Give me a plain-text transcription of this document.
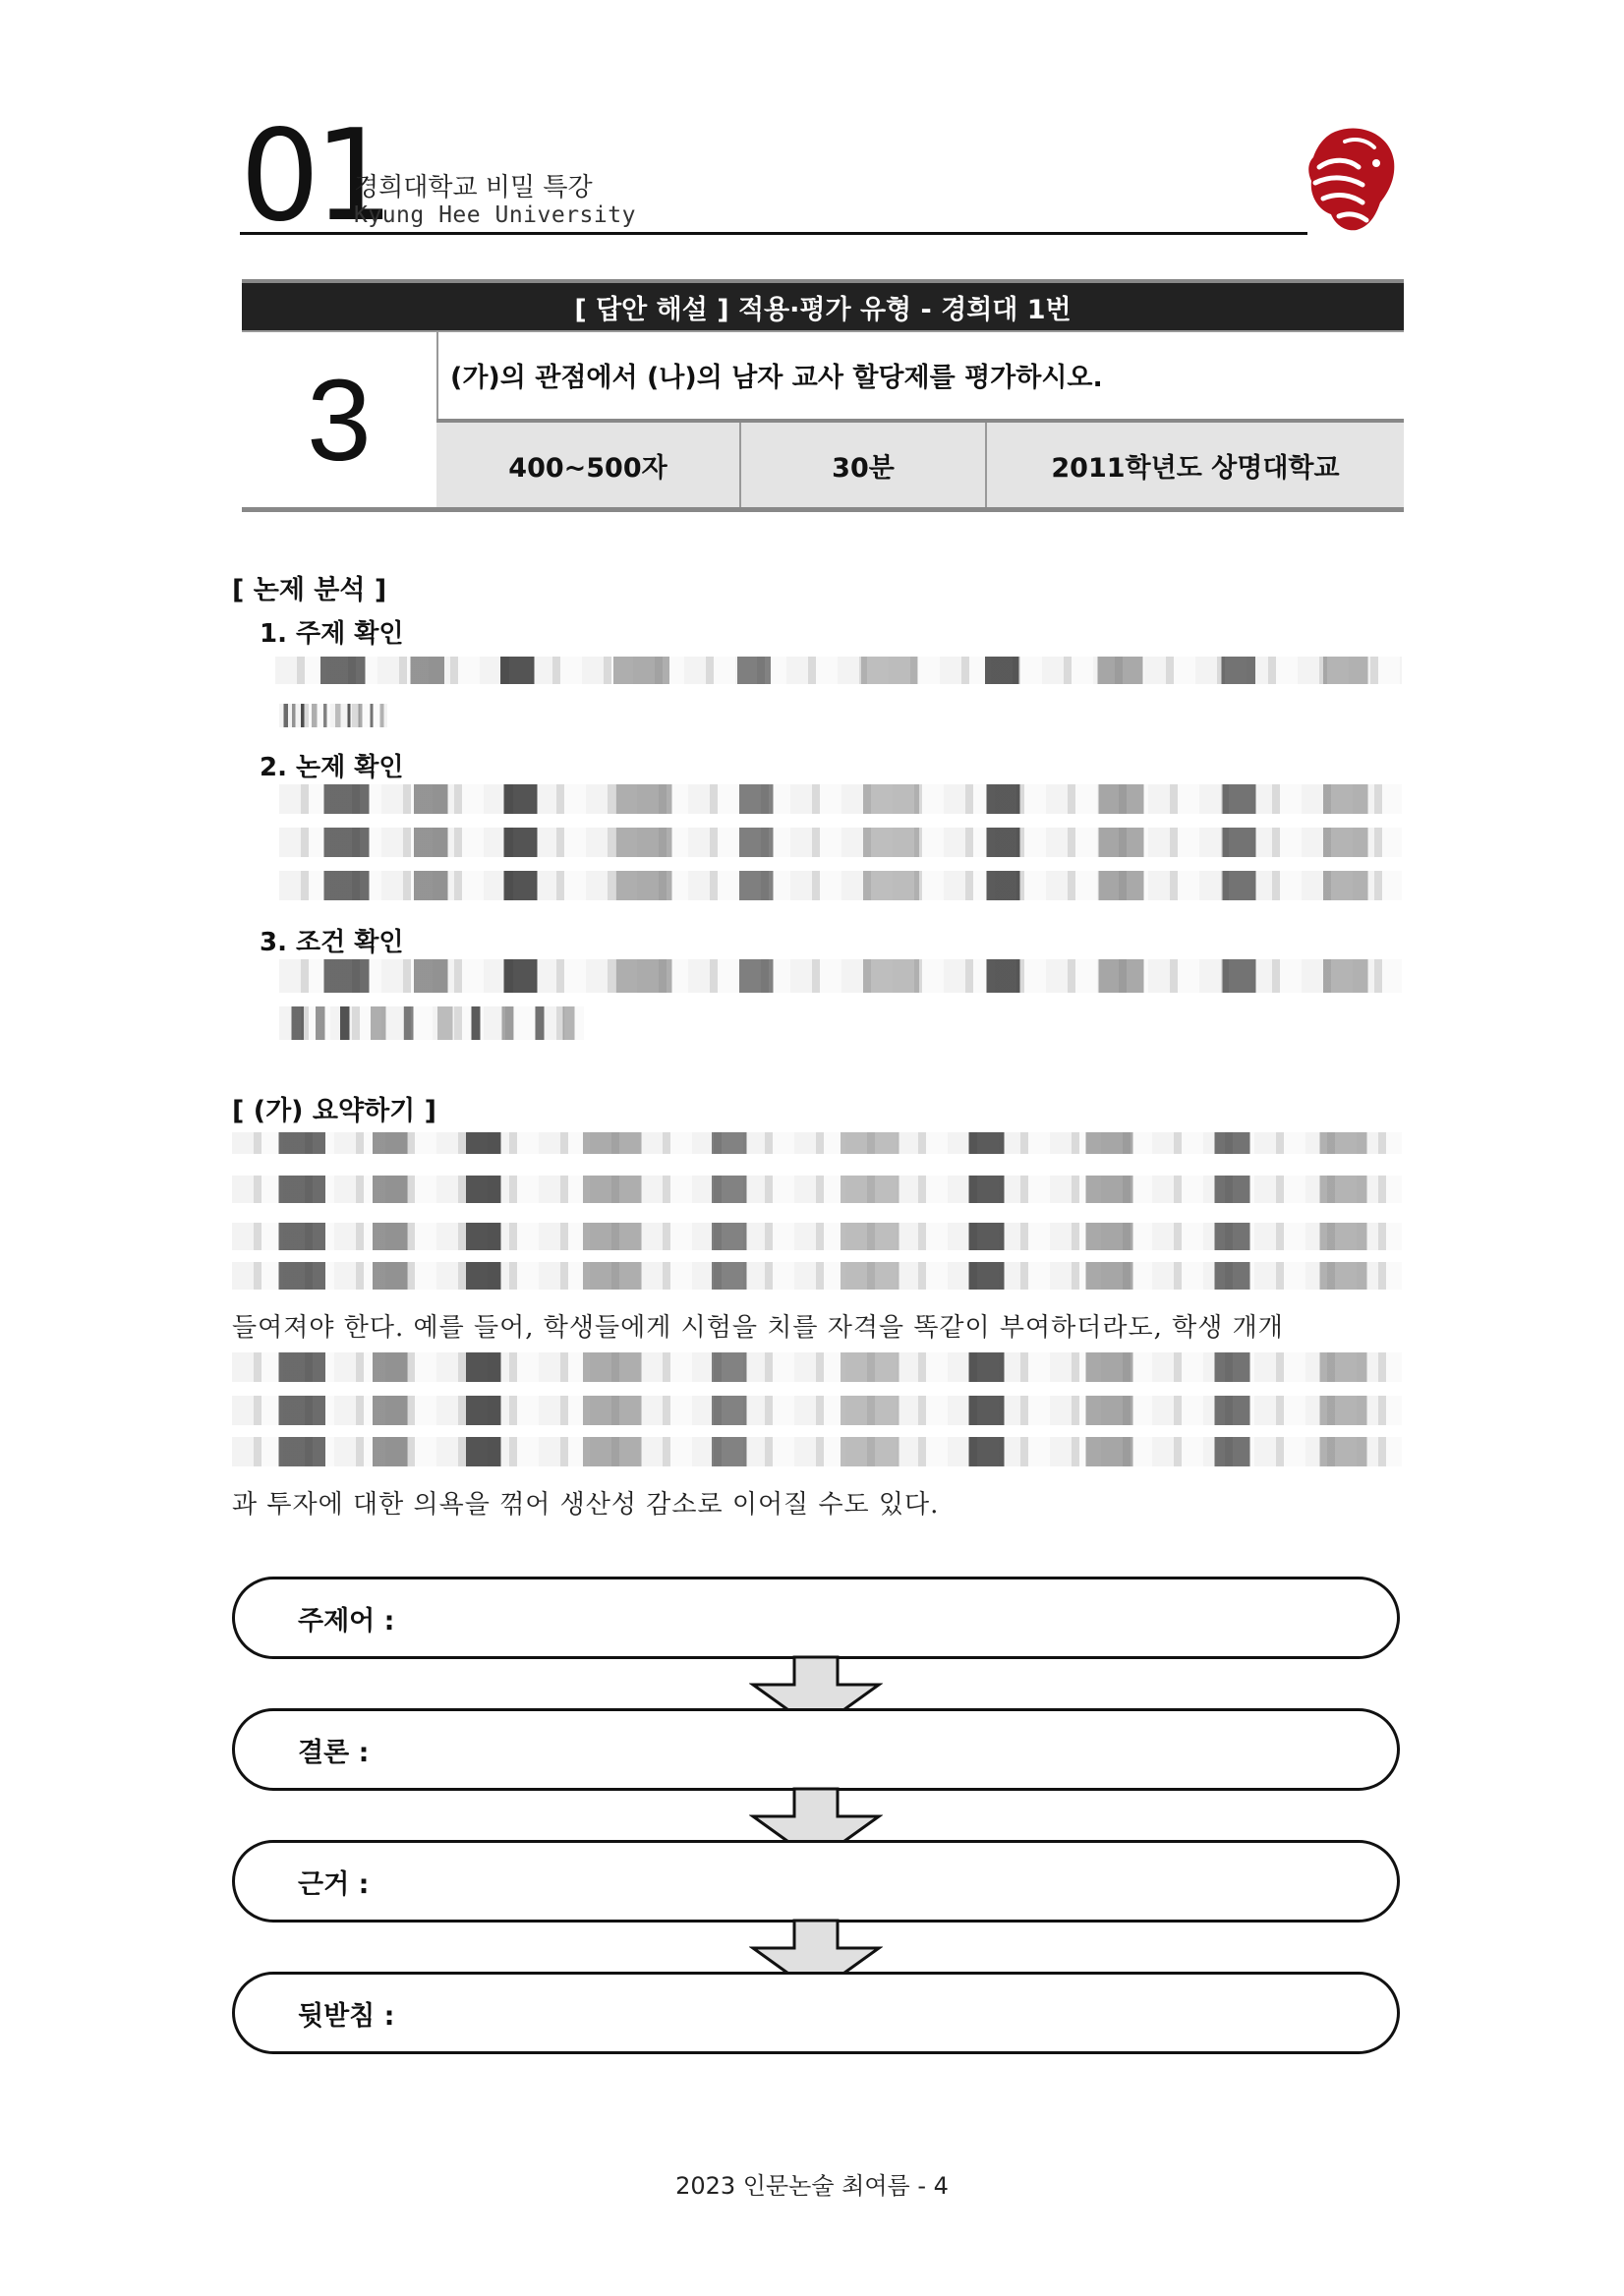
01
경희대학교 비밀 특강
Kyung Hee University
[ 답안 해설 ] 적용·평가 유형 - 경희대 1번
3	(가)의 관점에서 (나)의 남자 교사 할당제를 평가하시오.
400~500자	30분	2011학년도 상명대학교
[ 논제 분석 ]
1. 주제 확인
2. 논제 확인
3. 조건 확인
[ (가) 요약하기 ]
들여져야 한다. 예를 들어, 학생들에게 시험을 치를 자격을 똑같이 부여하더라도, 학생 개개
과 투자에 대한 의욕을 꺾어 생산성 감소로 이어질 수도 있다.
주제어 :
결론 :
근거 :
뒷받침 :
2023 인문논술 최여름 - 4
